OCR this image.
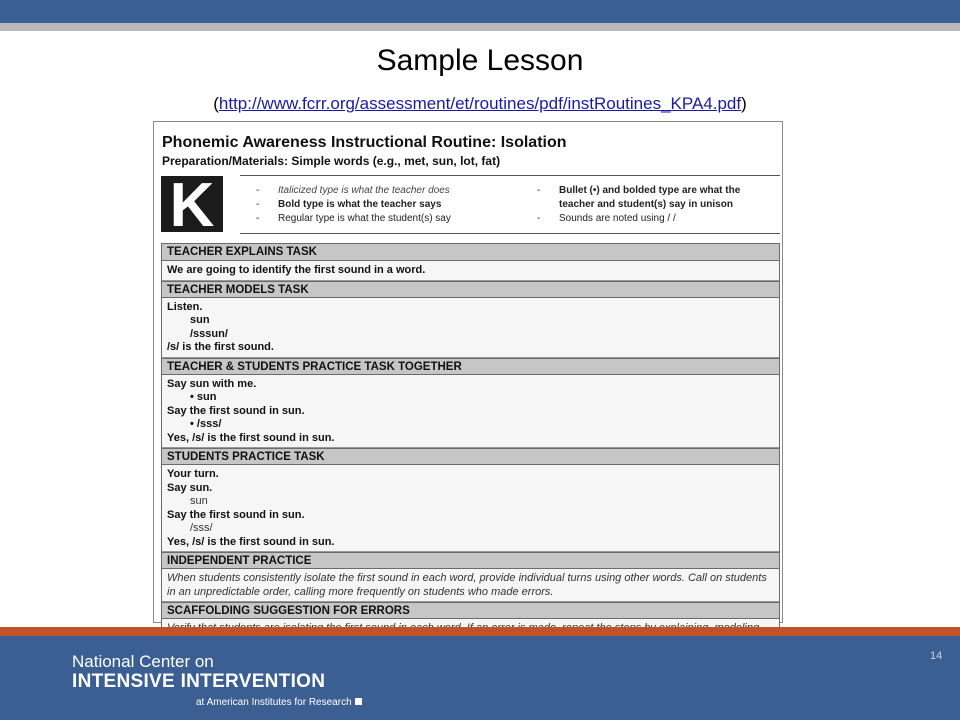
Sample Lesson
(http://www.fcrr.org/assessment/et/routines/pdf/instRoutines_KPA4.pdf)
Phonemic Awareness Instructional Routine: Isolation
Preparation/Materials: Simple words (e.g., met, sun, lot, fat)
K	- Italicized type is what the teacher does
- Bold type is what the teacher says
- Regular type is what the student(s) say
- Bullet (•) and bolded type are what the
teacher and student(s) say in unison
- Sounds are noted using / /
TEACHER EXPLAINS TASK
We are going to identify the first sound in a word.
TEACHER MODELS TASK
Listen.
sun
/sssun/
/s/ is the first sound.
TEACHER & STUDENTS PRACTICE TASK TOGETHER
Say sun with me.
• sun
Say the first sound in sun.
• /sss/
Yes, /s/ is the first sound in sun.
STUDENTS PRACTICE TASK
Your turn.
Say sun.
sun
Say the first sound in sun.
/sss/
Yes, /s/ is the first sound in sun.
INDEPENDENT PRACTICE
When students consistently isolate the first sound in each word, provide individual turns using other words. Call on students in an unpredictable order, calling more frequently on students who made errors.
SCAFFOLDING SUGGESTION FOR ERRORS
National Center on
INTENSIVE INTERVENTION
at American Institutes for Research
14
